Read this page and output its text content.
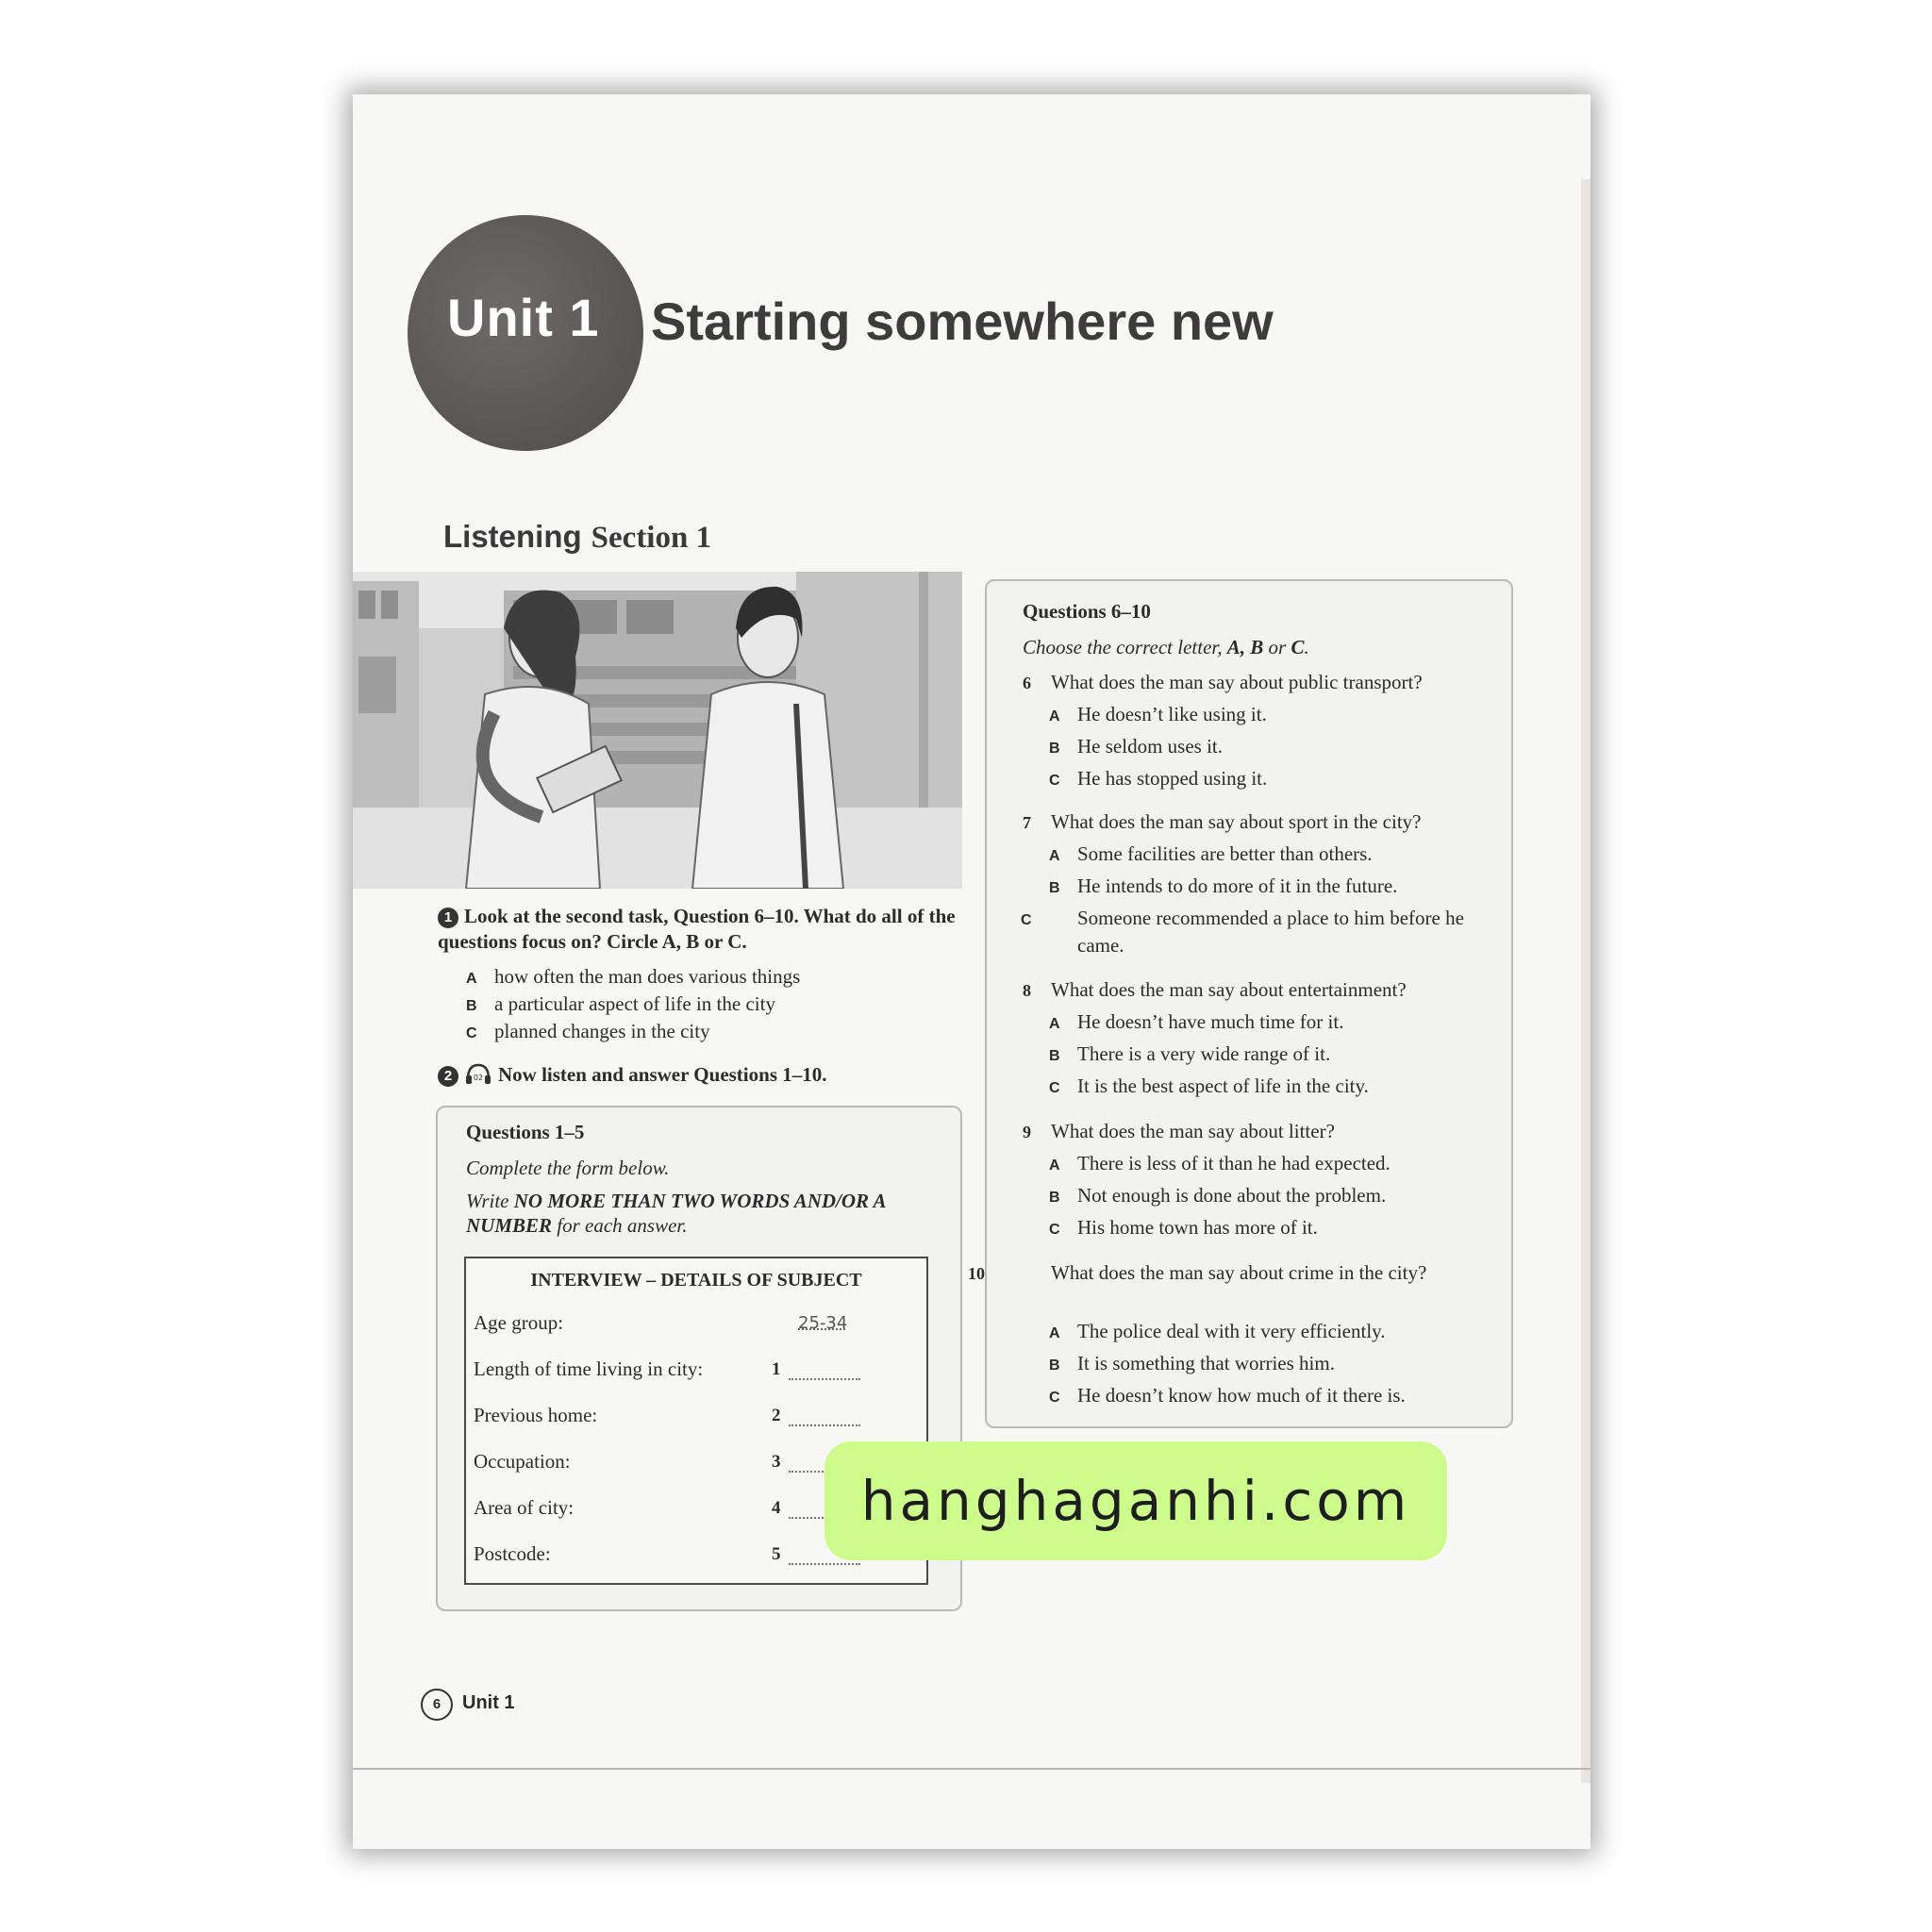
Unit 1 Starting somewhere new
Listening Section 1
1 Look at the second task, Question 6–10. What do all of the questions focus on? Circle A, B or C.
A how often the man does various things
B a particular aspect of life in the city
C planned changes in the city
2	02 Now listen and answer Questions 1–10.
Questions 1–5
Complete the form below.
Write NO MORE THAN TWO WORDS AND/OR A NUMBER for each answer.
INTERVIEW – DETAILS OF SUBJECT
Age group:	25-34
Length of time living in city:	1
Previous home:	2
Occupation:	3
Area of city:	4
Postcode:	5
Questions 6–10
Choose the correct letter, A, B or C.
6 What does the man say about public transport?
A He doesn’t like using it.
B He seldom uses it.
C He has stopped using it.
7 What does the man say about sport in the city?
A Some facilities are better than others.
B He intends to do more of it in the future.
C Someone recommended a place to him before he came.
8 What does the man say about entertainment?
A He doesn’t have much time for it.
B There is a very wide range of it.
C It is the best aspect of life in the city.
9 What does the man say about litter?
A There is less of it than he had expected.
B Not enough is done about the problem.
C His home town has more of it.
10	What does the man say about crime in the city?
A The police deal with it very efficiently.
B It is something that worries him.
C He doesn’t know how much of it there is.
6	Unit 1
hanghaganhi.com
